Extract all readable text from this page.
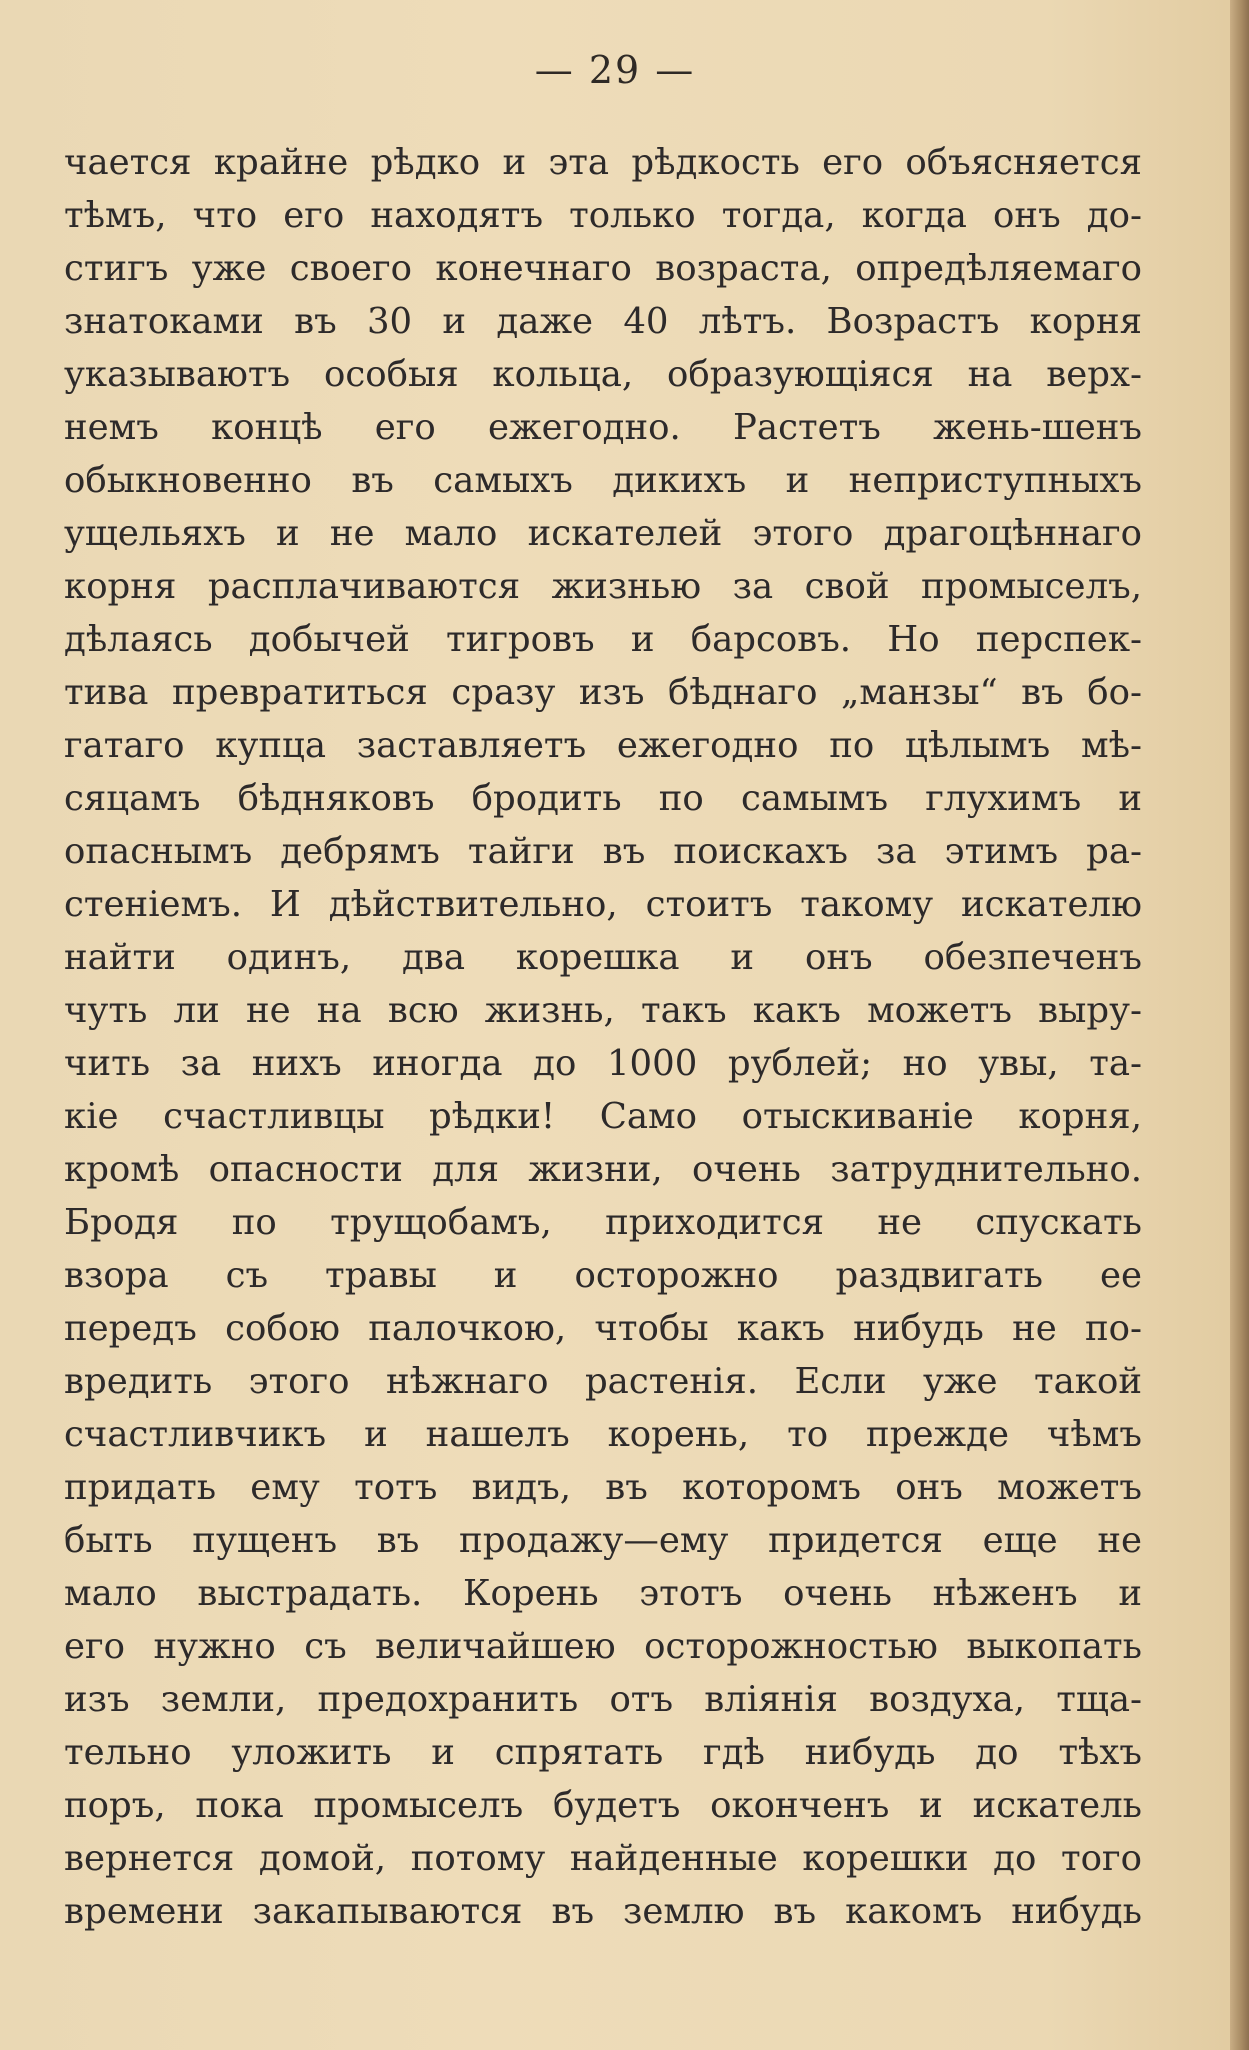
— 29 —
чается крайне рѣдко и эта рѣдкость его объясняется
тѣмъ, что его находятъ только тогда, когда онъ до-
стигъ уже своего конечнаго возраста, опредѣляемаго
знатоками въ 30 и даже 40 лѣтъ. Возрастъ корня
указываютъ особыя кольца, образующіяся на верх-
немъ концѣ его ежегодно. Растетъ жень-шенъ
обыкновенно въ самыхъ дикихъ и неприступныхъ
ущельяхъ и не мало искателей этого драгоцѣннаго
корня расплачиваются жизнью за свой промыселъ,
дѣлаясь добычей тигровъ и барсовъ. Но перспек-
тива превратиться сразу изъ бѣднаго „манзы“ въ бо-
гатаго купца заставляетъ ежегодно по цѣлымъ мѣ-
сяцамъ бѣдняковъ бродить по самымъ глухимъ и
опаснымъ дебрямъ тайги въ поискахъ за этимъ ра-
стеніемъ. И дѣйствительно, стоитъ такому искателю
найти одинъ, два корешка и онъ обезпеченъ
чуть ли не на всю жизнь, такъ какъ можетъ выру-
чить за нихъ иногда до 1000 рублей; но увы, та-
кіе счастливцы рѣдки! Само отыскиваніе корня,
кромѣ опасности для жизни, очень затруднительно.
Бродя по трущобамъ, приходится не спускать
взора съ травы и осторожно раздвигать ее
передъ собою палочкою, чтобы какъ нибудь не по-
вредить этого нѣжнаго растенія. Если уже такой
счастливчикъ и нашелъ корень, то прежде чѣмъ
придать ему тотъ видъ, въ которомъ онъ можетъ
быть пущенъ въ продажу—ему придется еще не
мало выстрадать. Корень этотъ очень нѣженъ и
его нужно съ величайшею осторожностью выкопать
изъ земли, предохранить отъ вліянія воздуха, тща-
тельно уложить и спрятать гдѣ нибудь до тѣхъ
поръ, пока промыселъ будетъ оконченъ и искатель
вернется домой, потому найденные корешки до того
времени закапываются въ землю въ какомъ нибудь
